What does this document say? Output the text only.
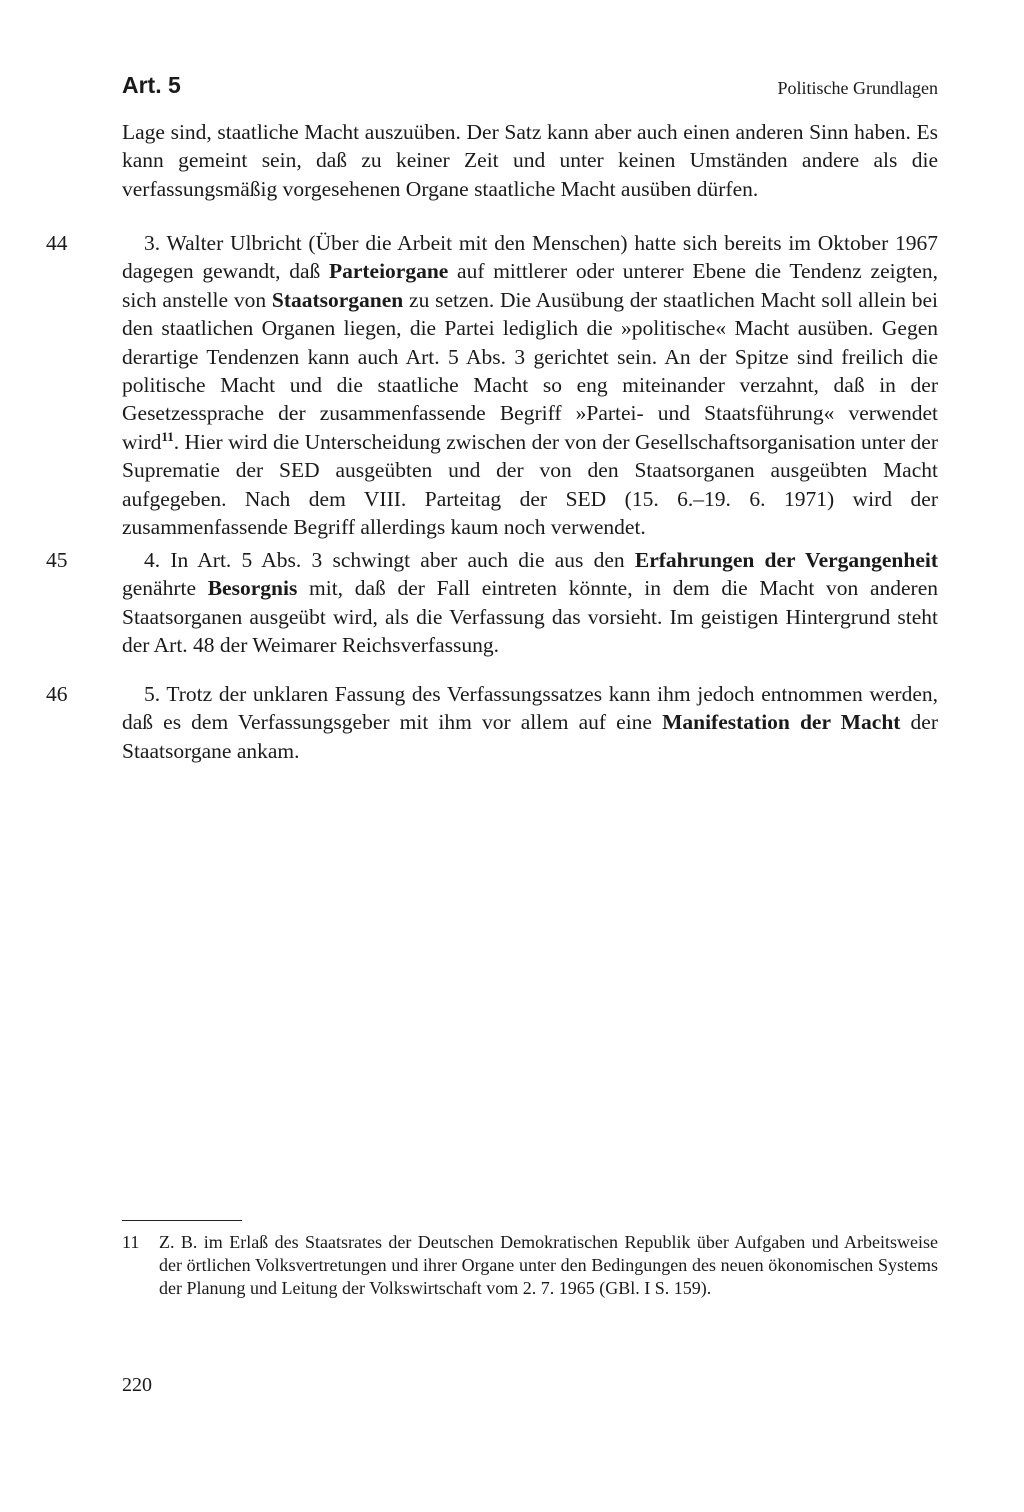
Art. 5	Politische Grundlagen

Lage sind, staatliche Macht auszuüben. Der Satz kann aber auch einen anderen Sinn haben. Es kann gemeint sein, daß zu keiner Zeit und unter keinen Umständen andere als die verfassungsmäßig vorgesehenen Organe staatliche Macht ausüben dürfen.

44	3. Walter Ulbricht (Über die Arbeit mit den Menschen) hatte sich bereits im Oktober 1967 dagegen gewandt, daß Parteiorgane auf mittlerer oder unterer Ebene die Tendenz zeigten, sich anstelle von Staatsorganen zu setzen. Die Ausübung der staatlichen Macht soll allein bei den staatlichen Organen liegen, die Partei lediglich die »politische« Macht ausüben. Gegen derartige Tendenzen kann auch Art. 5 Abs. 3 gerichtet sein. An der Spitze sind freilich die politische Macht und die staatliche Macht so eng miteinander verzahnt, daß in der Gesetzessprache der zusammenfassende Begriff »Partei- und Staatsführung« verwendet wird$^{11}$. Hier wird die Unterscheidung zwischen der von der Gesellschaftsorganisation unter der Suprematie der SED ausgeübten und der von den Staatsorganen ausgeübten Macht aufgegeben. Nach dem VIII. Parteitag der SED (15. 6.–19. 6. 1971) wird der zusammenfassende Begriff allerdings kaum noch verwendet.

45	4. In Art. 5 Abs. 3 schwingt aber auch die aus den Erfahrungen der Vergangenheit genährte Besorgnis mit, daß der Fall eintreten könnte, in dem die Macht von anderen Staatsorganen ausgeübt wird, als die Verfassung das vorsieht. Im geistigen Hintergrund steht der Art. 48 der Weimarer Reichsverfassung.

46	5. Trotz der unklaren Fassung des Verfassungssatzes kann ihm jedoch entnommen werden, daß es dem Verfassungsgeber mit ihm vor allem auf eine Manifestation der Macht der Staatsorgane ankam.

11 Z. B. im Erlaß des Staatsrates der Deutschen Demokratischen Republik über Aufgaben und Arbeitsweise der örtlichen Volksvertretungen und ihrer Organe unter den Bedingungen des neuen ökonomischen Systems der Planung und Leitung der Volkswirtschaft vom 2. 7. 1965 (GBl. I S. 159).
220
